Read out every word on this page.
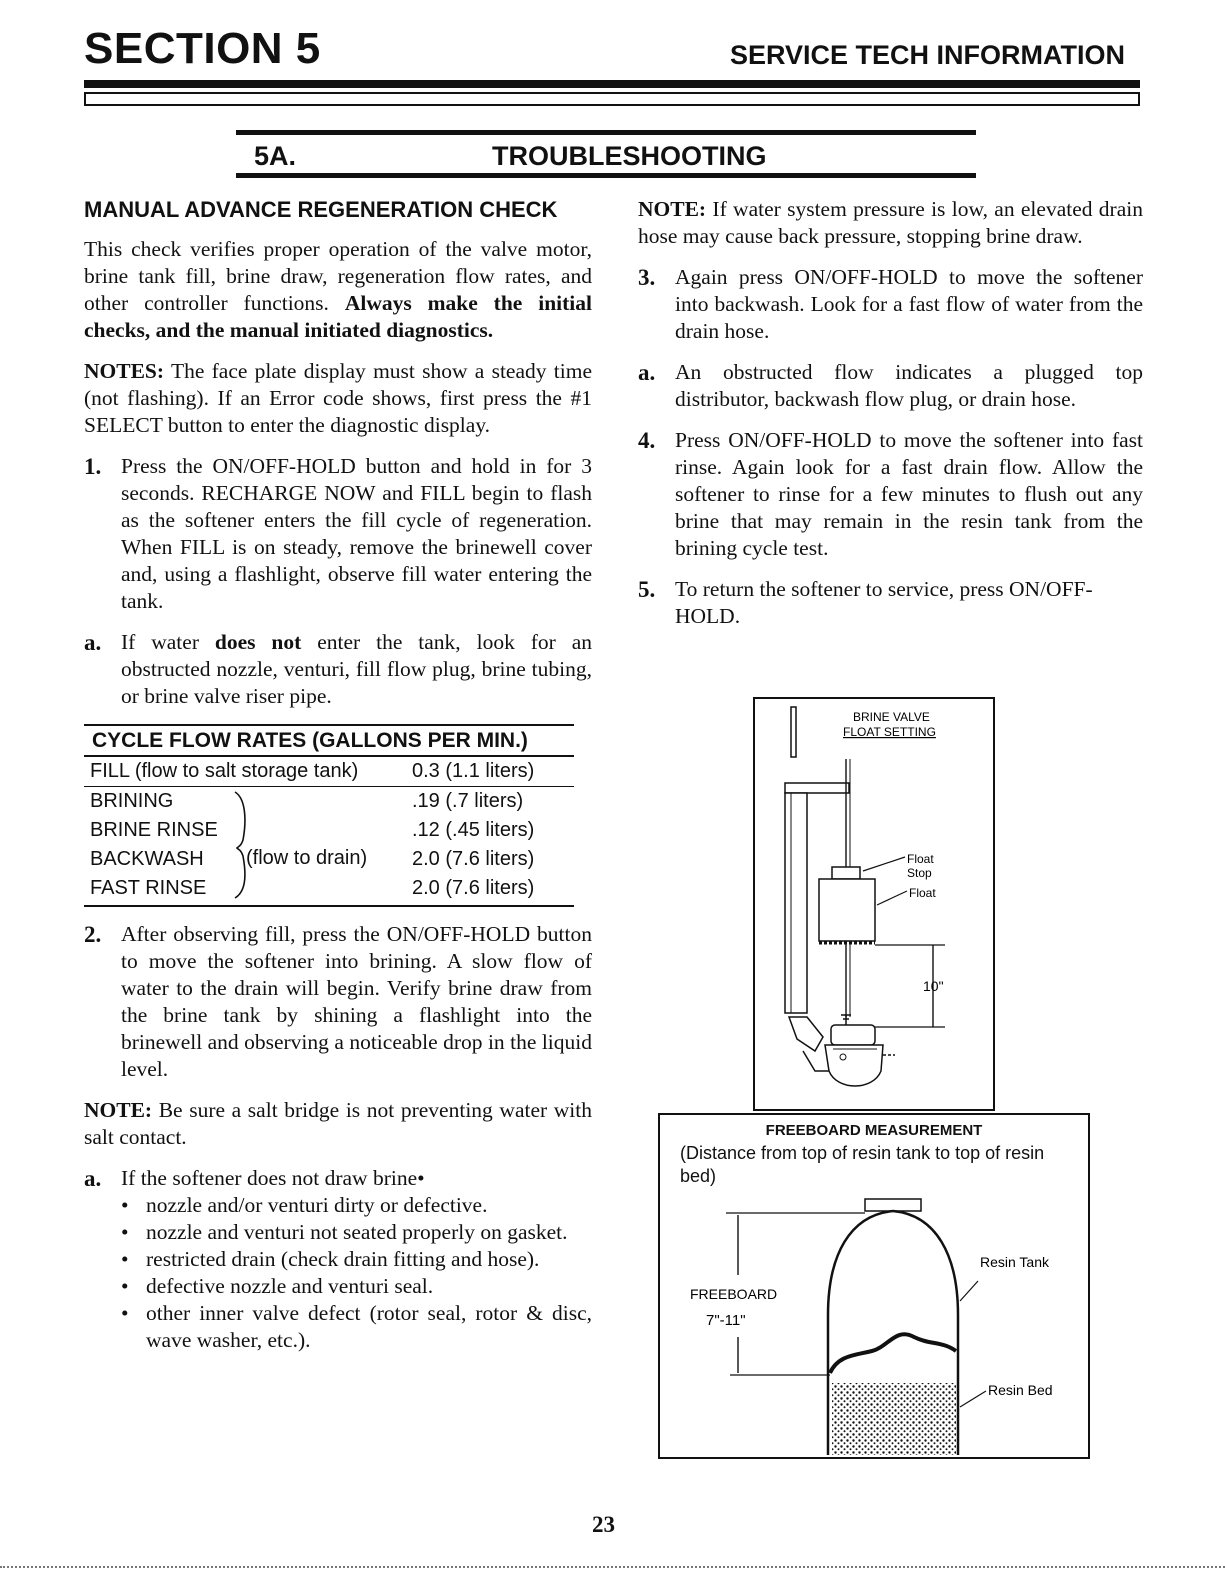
SECTION 5	SERVICE TECH INFORMATION
5A.	TROUBLESHOOTING

MANUAL ADVANCE REGENERATION CHECK

This check verifies proper operation of the valve motor, brine tank fill, brine draw, regeneration flow rates, and other controller functions. Always make the initial checks, and the manual initiated diagnostics.

NOTES: The face plate display must show a steady time (not flashing). If an Error code shows, first press the #1 SELECT button to enter the diagnostic display.

1. Press the ON/OFF-HOLD button and hold in for 3 seconds. RECHARGE NOW and FILL begin to flash as the softener enters the fill cycle of regeneration. When FILL is on steady, remove the brinewell cover and, using a flashlight, observe fill water entering the tank.
a. If water does not enter the tank, look for an obstructed nozzle, venturi, fill flow plug, brine tubing, or brine valve riser pipe.
CYCLE FLOW RATES (GALLONS PER MIN.)
FILL (flow to salt storage tank)	0.3 (1.1 liters)
BRINING	.19 (.7 liters)
BRINE RINSE	.12 (.45 liters)
BACKWASH	2.0 (7.6 liters)
FAST RINSE	2.0 (7.6 liters)
(flow to drain)
2. After observing fill, press the ON/OFF-HOLD button to move the softener into brining. A slow flow of water to the drain will begin. Verify brine draw from the brine tank by shining a flashlight into the brinewell and observing a noticeable drop in the liquid level.

NOTE: Be sure a salt bridge is not preventing water with salt contact.

a. If the softener does not draw brine•
• nozzle and/or venturi dirty or defective.
• nozzle and venturi not seated properly on gasket.
• restricted drain (check drain fitting and hose).
• defective nozzle and venturi seal.
• other inner valve defect (rotor seal, rotor & disc, wave washer, etc.).

NOTE: If water system pressure is low, an elevated drain hose may cause back pressure, stopping brine draw.

3. Again press ON/OFF-HOLD to move the softener into backwash. Look for a fast flow of water from the drain hose.
a. An obstructed flow indicates a plugged top distributor, backwash flow plug, or drain hose.
4. Press ON/OFF-HOLD to move the softener into fast rinse. Again look for a fast drain flow. Allow the softener to rinse for a few minutes to flush out any brine that may remain in the resin tank from the brining cycle test.
5. To return the softener to service, press ON/OFF-HOLD.
BRINE VALVE
FLOAT SETTING
Float
Stop
Float
10"
FREEBOARD MEASUREMENT
(Distance from top of resin tank to top of resin bed)
FREEBOARD
7"-11"
Resin Tank
Resin Bed
23
